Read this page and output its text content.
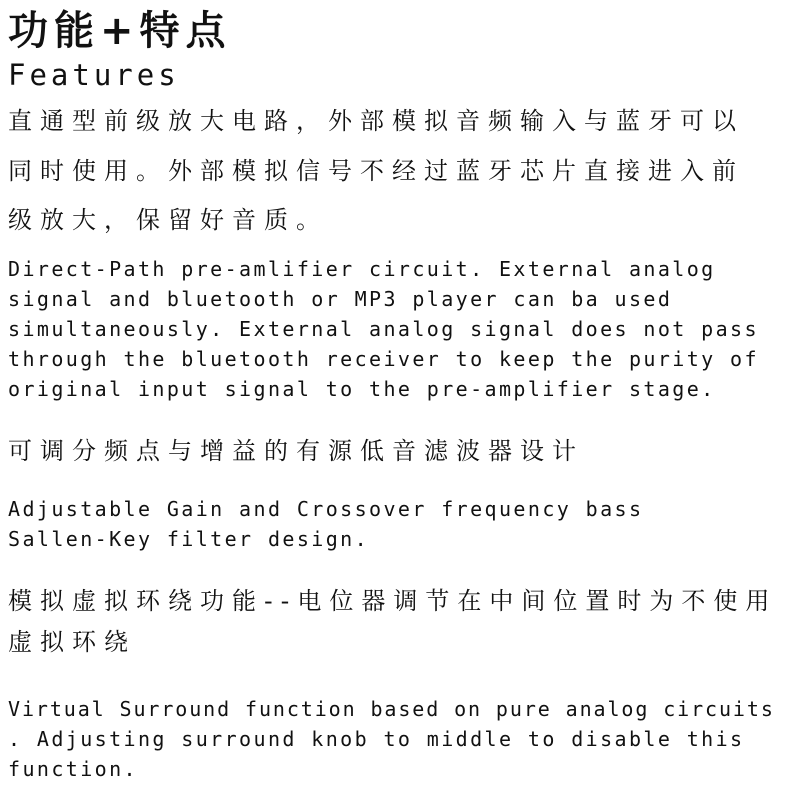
功能+特点
Features
直通型前级放大电路，外部模拟音频输入与蓝牙可以
同时使用。外部模拟信号不经过蓝牙芯片直接进入前
级放大，保留好音质。
Direct-Path pre-amlifier circuit. External analog
signal and bluetooth or MP3 player can ba used
simultaneously. External analog signal does not pass
through the bluetooth receiver to keep the purity of
original input signal to the pre-amplifier stage.
可调分频点与增益的有源低音滤波器设计
Adjustable Gain and Crossover frequency bass
Sallen-Key filter design.
模拟虚拟环绕功能--电位器调节在中间位置时为不使用
虚拟环绕
Virtual Surround function based on pure analog circuits
. Adjusting surround knob to middle to disable this
function.
